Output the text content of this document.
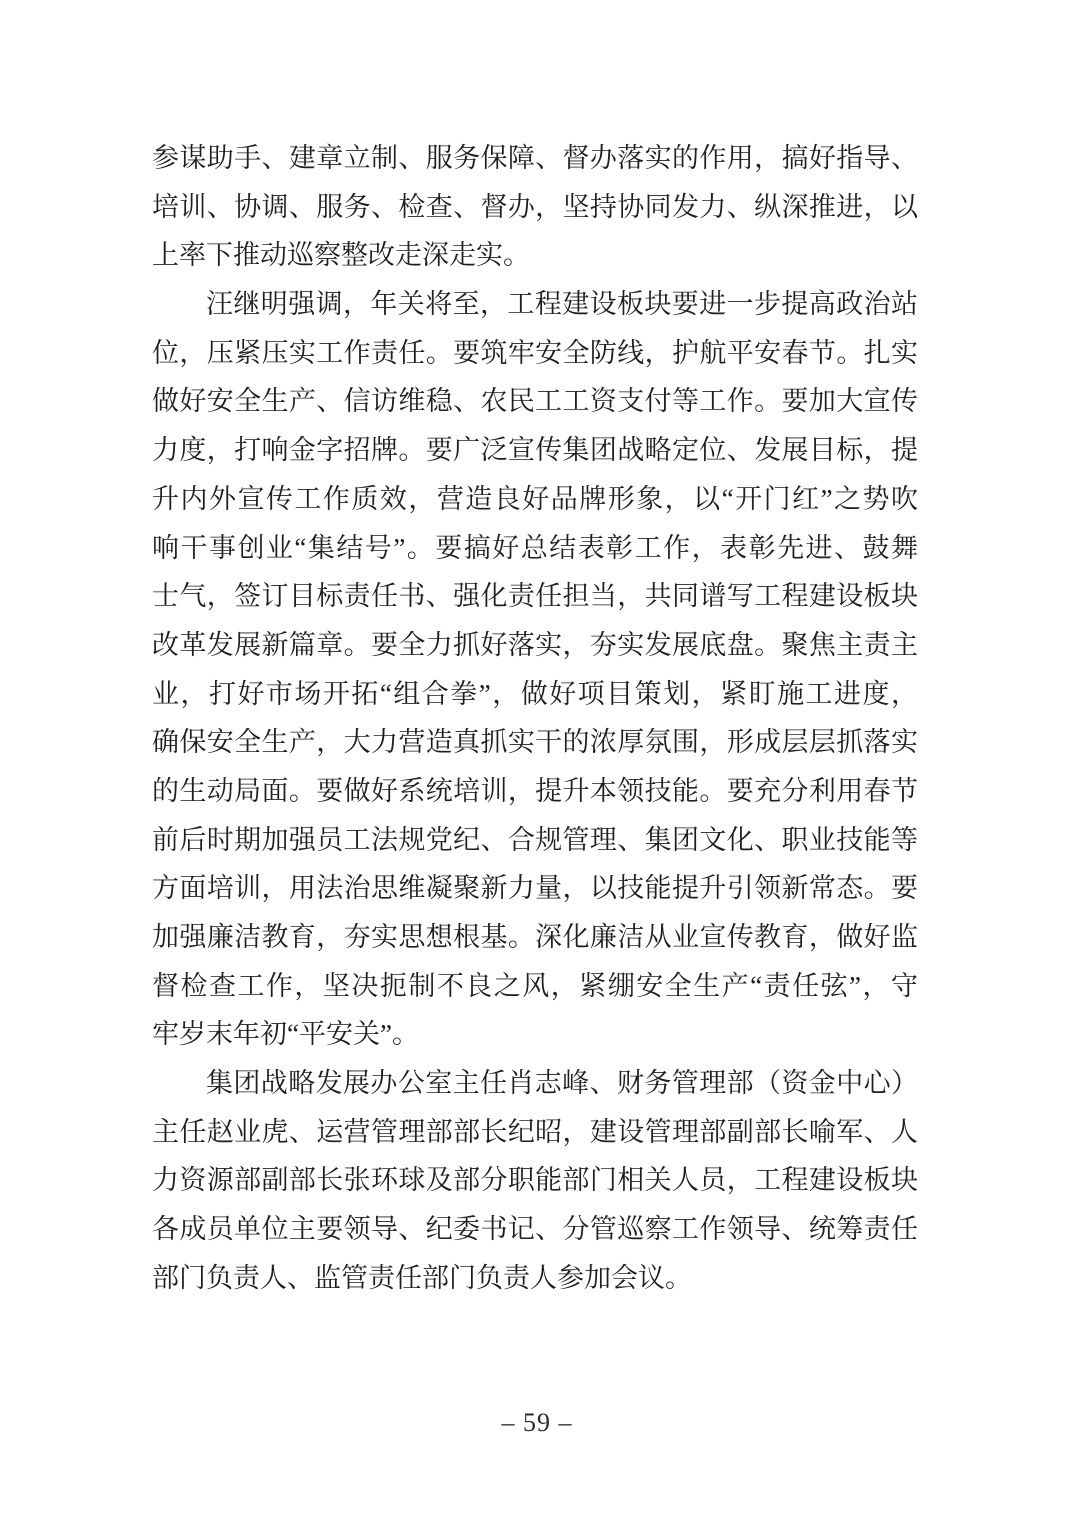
参谋助手、建章立制、服务保障、督办落实的作用，搞好指导、
培训、协调、服务、检查、督办，坚持协同发力、纵深推进，以
上率下推动巡察整改走深走实。
汪继明强调，年关将至，工程建设板块要进一步提高政治站
位，压紧压实工作责任。要筑牢安全防线，护航平安春节。扎实
做好安全生产、信访维稳、农民工工资支付等工作。要加大宣传
力度，打响金字招牌。要广泛宣传集团战略定位、发展目标，提
升内外宣传工作质效，营造良好品牌形象，以“开门红”之势吹
响干事创业“集结号”。要搞好总结表彰工作，表彰先进、鼓舞
士气，签订目标责任书、强化责任担当，共同谱写工程建设板块
改革发展新篇章。要全力抓好落实，夯实发展底盘。聚焦主责主
业，打好市场开拓“组合拳”，做好项目策划，紧盯施工进度，
确保安全生产，大力营造真抓实干的浓厚氛围，形成层层抓落实
的生动局面。要做好系统培训，提升本领技能。要充分利用春节
前后时期加强员工法规党纪、合规管理、集团文化、职业技能等
方面培训，用法治思维凝聚新力量，以技能提升引领新常态。要
加强廉洁教育，夯实思想根基。深化廉洁从业宣传教育，做好监
督检查工作，坚决扼制不良之风，紧绷安全生产“责任弦”，守
牢岁末年初“平安关”。
集团战略发展办公室主任肖志峰、财务管理部（资金中心）
主任赵业虎、运营管理部部长纪昭，建设管理部副部长喻军、人
力资源部副部长张环球及部分职能部门相关人员，工程建设板块
各成员单位主要领导、纪委书记、分管巡察工作领导、统筹责任
部门负责人、监管责任部门负责人参加会议。
– 59 –
